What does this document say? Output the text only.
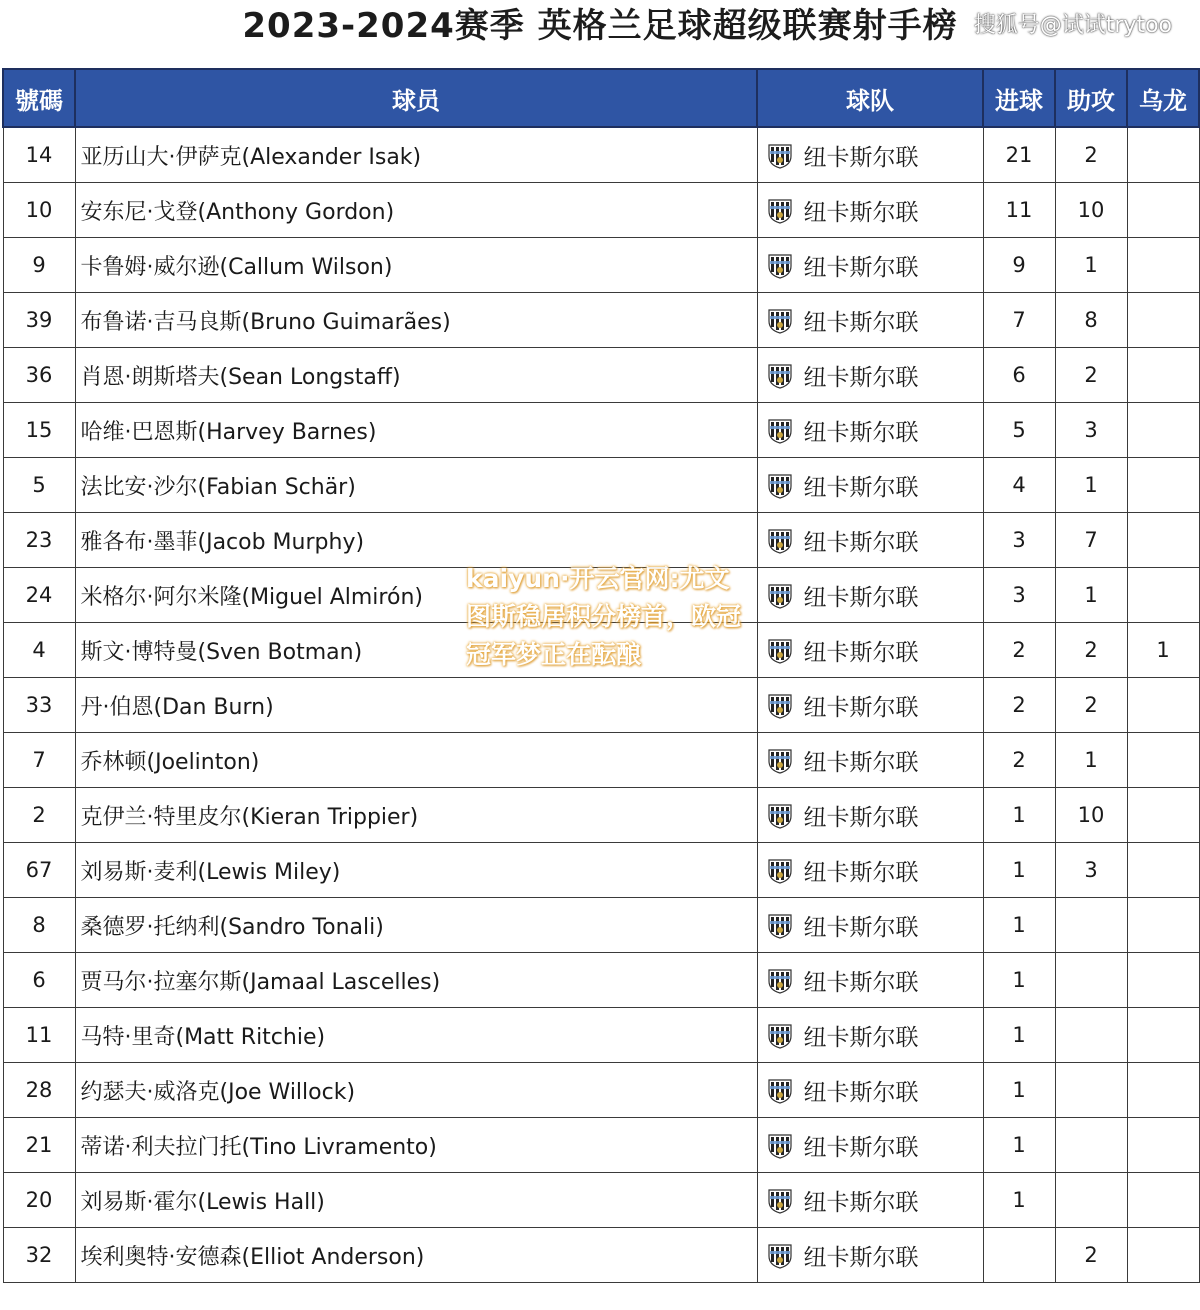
2023-2024赛季 英格兰足球超级联赛射手榜 搜狐号@试试trytoo
號碼	球员	球队	进球	助攻	乌龙
14	亚历山大·伊萨克(Alexander Isak)	纽卡斯尔联	21	2	
10	安东尼·戈登(Anthony Gordon)	纽卡斯尔联	11	10	
9	卡鲁姆·威尔逊(Callum Wilson)	纽卡斯尔联	9	1	
39	布鲁诺·吉马良斯(Bruno Guimarães)	纽卡斯尔联	7	8	
36	肖恩·朗斯塔夫(Sean Longstaff)	纽卡斯尔联	6	2	
15	哈维·巴恩斯(Harvey Barnes)	纽卡斯尔联	5	3	
5	法比安·沙尔(Fabian Schär)	纽卡斯尔联	4	1	
23	雅各布·墨菲(Jacob Murphy)	纽卡斯尔联	3	7	
24	米格尔·阿尔米隆(Miguel Almirón)	纽卡斯尔联	3	1	
4	斯文·博特曼(Sven Botman)	纽卡斯尔联	2	2	1
33	丹·伯恩(Dan Burn)	纽卡斯尔联	2	2	
7	乔林顿(Joelinton)	纽卡斯尔联	2	1	
2	克伊兰·特里皮尔(Kieran Trippier)	纽卡斯尔联	1	10	
67	刘易斯·麦利(Lewis Miley)	纽卡斯尔联	1	3	
8	桑德罗·托纳利(Sandro Tonali)	纽卡斯尔联	1		
6	贾马尔·拉塞尔斯(Jamaal Lascelles)	纽卡斯尔联	1		
11	马特·里奇(Matt Ritchie)	纽卡斯尔联	1		
28	约瑟夫·威洛克(Joe Willock)	纽卡斯尔联	1		
21	蒂诺·利夫拉门托(Tino Livramento)	纽卡斯尔联	1		
20	刘易斯·霍尔(Lewis Hall)	纽卡斯尔联	1		
32	埃利奥特·安德森(Elliot Anderson)	纽卡斯尔联		2	
kaiyun·开云官网:尤文图斯稳居积分榜首，欧冠冠军梦正在酝酿
